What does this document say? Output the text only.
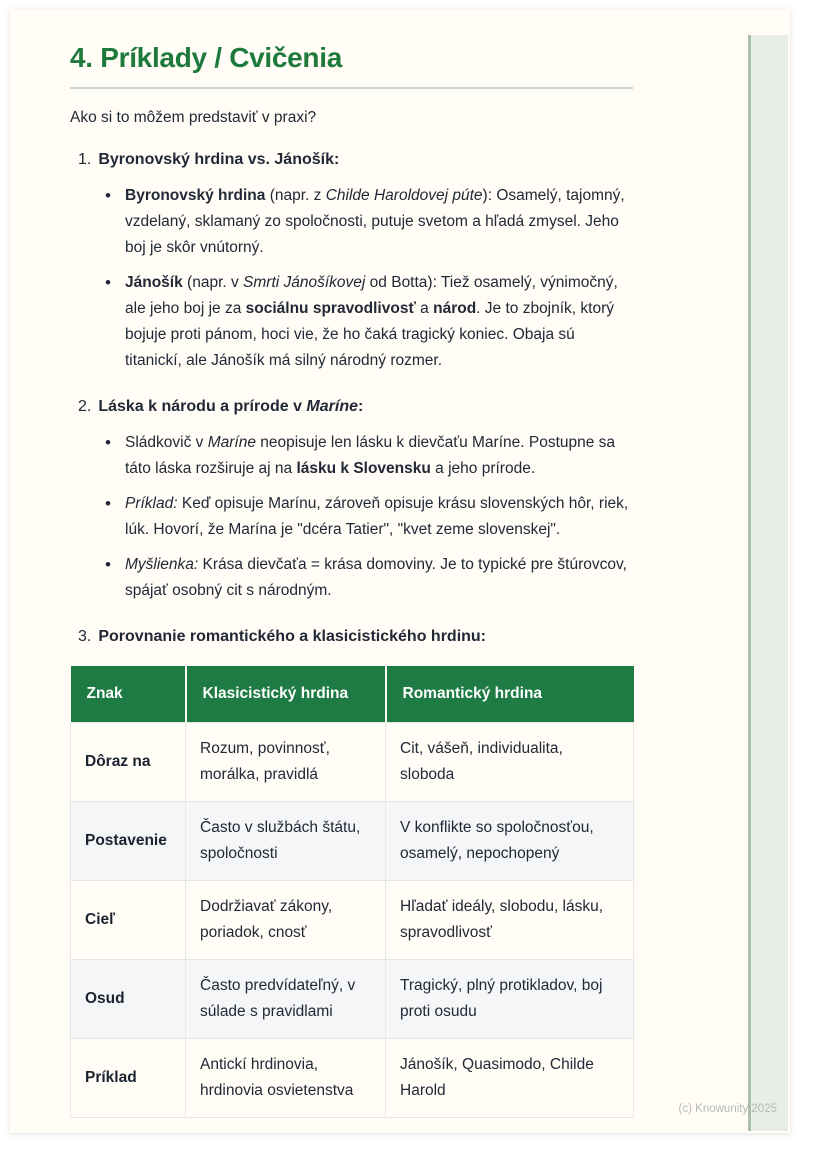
4. Príklady / Cvičenia

Ako si to môžem predstaviť v praxi?

1. Byronovský hrdina vs. Jánošík:
•
Byronovský hrdina (napr. z Childe Haroldovej púte): Osamelý, tajomný, vzdelaný, sklamaný zo spoločnosti, putuje svetom a hľadá zmysel. Jeho boj je skôr vnútorný.
•
Jánošík (napr. v Smrti Jánošíkovej od Botta): Tiež osamelý, výnimočný, ale jeho boj je za sociálnu spravodlivosť a národ. Je to zbojník, ktorý bojuje proti pánom, hoci vie, že ho čaká tragický koniec. Obaja sú titanickí, ale Jánošík má silný národný rozmer.
2. Láska k národu a prírode v Maríne:
•
Sládkovič v Maríne neopisuje len lásku k dievčaťu Maríne. Postupne sa táto láska rozširuje aj na lásku k Slovensku a jeho prírode.
•
Príklad: Keď opisuje Marínu, zároveň opisuje krásu slovenských hôr, riek, lúk. Hovorí, že Marína je "dcéra Tatier", "kvet zeme slovenskej".
•
Myšlienka: Krása dievčaťa = krása domoviny. Je to typické pre štúrovcov, spájať osobný cit s národným.
3. Porovnanie romantického a klasicistického hrdinu:
Znak	Klasicistický hrdina	Romantický hrdina
Dôraz na	Rozum, povinnosť, morálka, pravidlá	Cit, vášeň, individualita, sloboda
Postavenie	Často v službách štátu, spoločnosti	V konflikte so spoločnosťou, osamelý, nepochopený
Cieľ	Dodržiavať zákony, poriadok, cnosť	Hľadať ideály, slobodu, lásku, spravodlivosť
Osud	Často predvídateľný, v súlade s pravidlami	Tragický, plný protikladov, boj proti osudu
Príklad	Antickí hrdinovia, hrdinovia osvietenstva	Jánošík, Quasimodo, Childe Harold
(c) Knowunity 2025
